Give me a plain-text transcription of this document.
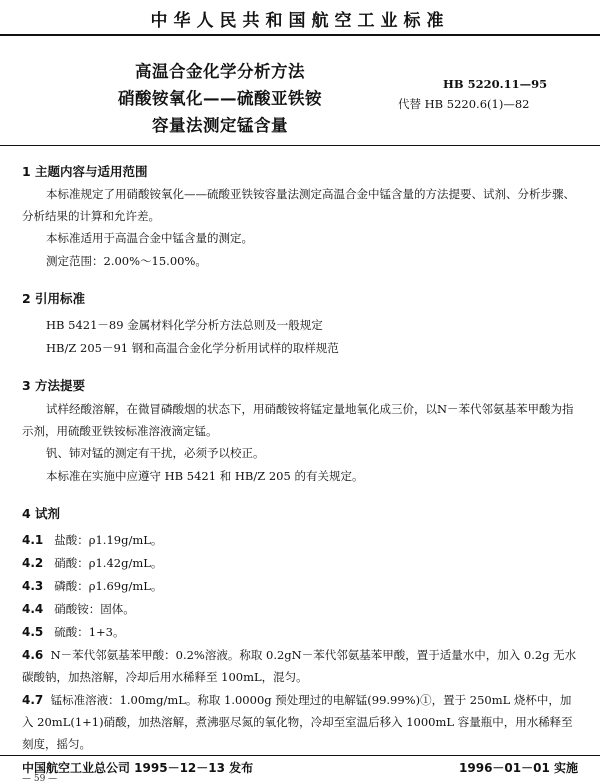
中华人民共和国航空工业标准
高温合金化学分析方法
硝酸铵氧化——硫酸亚铁铵
容量法测定锰含量
HB 5220.11—95
代替 HB 5220.6(1)—82
1 主题内容与适用范围
本标准规定了用硝酸铵氧化——硫酸亚铁铵容量法测定高温合金中锰含量的方法提要、试剂、分析步骤、分析结果的计算和允许差。
本标准适用于高温合金中锰含量的测定。
测定范围：2.00%～15.00%。
2 引用标准
HB 5421－89 金属材料化学分析方法总则及一般规定
HB/Z 205－91 钢和高温合金化学分析用试样的取样规范
3 方法提要
试样经酸溶解，在微冒磷酸烟的状态下，用硝酸铵将锰定量地氧化成三价，以N－苯代邻氨基苯甲酸为指示剂，用硫酸亚铁铵标准溶液滴定锰。
钒、铈对锰的测定有干扰，必须予以校正。
本标准在实施中应遵守 HB 5421 和 HB/Z 205 的有关规定。
4 试剂
4.1 盐酸：ρ1.19g/mL。
4.2 硝酸：ρ1.42g/mL。
4.3 磷酸：ρ1.69g/mL。
4.4 硝酸铵：固体。
4.5 硫酸：1+3。
4.6 N－苯代邻氨基苯甲酸：0.2%溶液。称取 0.2gN－苯代邻氨基苯甲酸，置于适量水中，加入 0.2g 无水碳酸钠，加热溶解，冷却后用水稀释至 100mL，混匀。
4.7 锰标准溶液：1.00mg/mL。称取 1.0000g 预处理过的电解锰(99.99%)①，置于 250mL 烧杯中，加入 20mL(1+1)硝酸，加热溶解，煮沸驱尽氮的氧化物，冷却至室温后移入 1000mL 容量瓶中，用水稀释至刻度，摇匀。
中国航空工业总公司 1995－12－13 发布	1996－01－01 实施
— 59 —
